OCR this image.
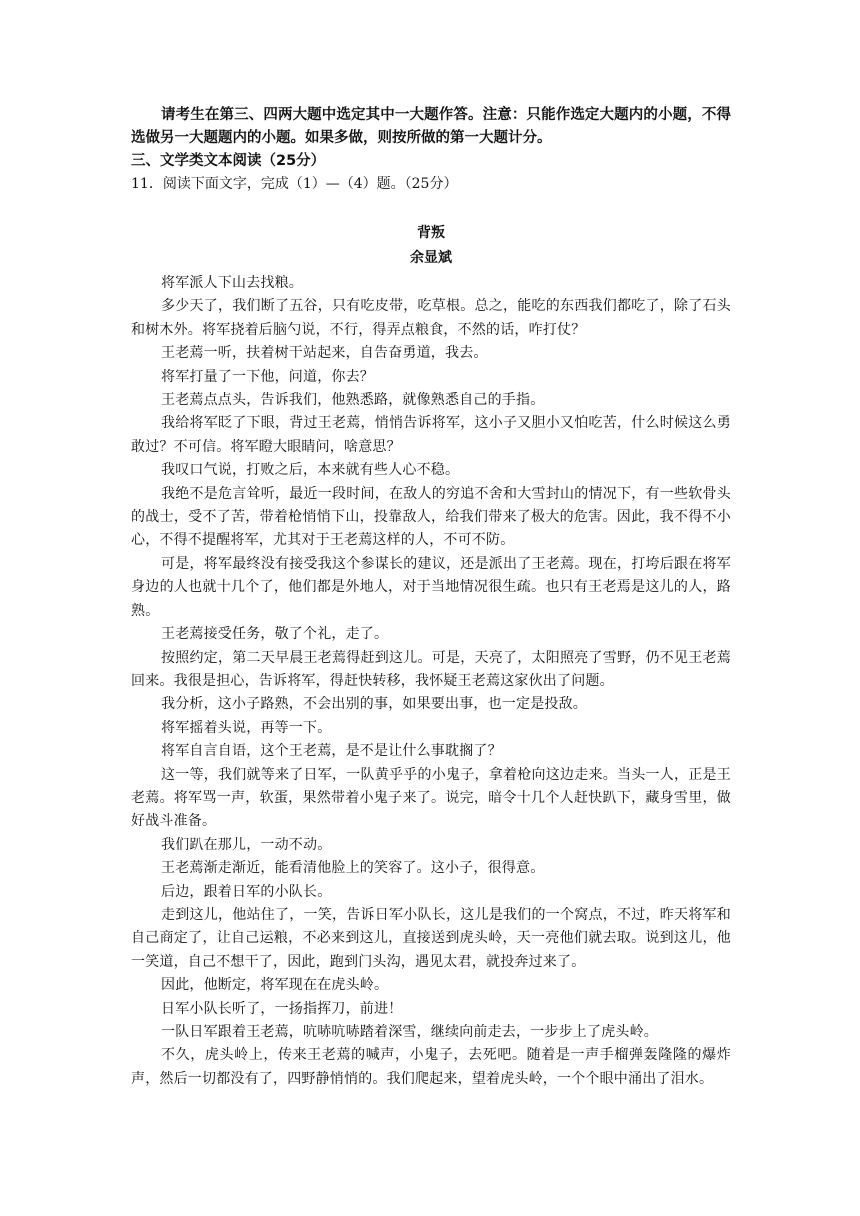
请考生在第三、四两大题中选定其中一大题作答。注意：只能作选定大题内的小题，不得选做另一大题题内的小题。如果多做，则按所做的第一大题计分。

三、文学类文本阅读（25分）

11．阅读下面文字，完成（1）—（4）题。（25分）

背叛
余显斌

将军派人下山去找粮。

多少天了，我们断了五谷，只有吃皮带，吃草根。总之，能吃的东西我们都吃了，除了石头和树木外。将军挠着后脑勺说，不行，得弄点粮食，不然的话，咋打仗？

王老蔫一听，扶着树干站起来，自告奋勇道，我去。

将军打量了一下他，问道，你去？

王老蔫点点头，告诉我们，他熟悉路，就像熟悉自己的手指。

我给将军眨了下眼，背过王老蔫，悄悄告诉将军，这小子又胆小又怕吃苦，什么时候这么勇敢过？不可信。将军瞪大眼睛问，啥意思？

我叹口气说，打败之后，本来就有些人心不稳。

我绝不是危言耸听，最近一段时间，在敌人的穷追不舍和大雪封山的情况下，有一些软骨头的战士，受不了苦，带着枪悄悄下山，投靠敌人，给我们带来了极大的危害。因此，我不得不小心，不得不提醒将军，尤其对于王老蔫这样的人，不可不防。

可是，将军最终没有接受我这个参谋长的建议，还是派出了王老蔫。现在，打垮后跟在将军身边的人也就十几个了，他们都是外地人，对于当地情况很生疏。也只有王老焉是这儿的人，路熟。

王老蔫接受任务，敬了个礼，走了。

按照约定，第二天早晨王老蔫得赶到这儿。可是，天亮了，太阳照亮了雪野，仍不见王老蔫回来。我很是担心，告诉将军，得赶快转移，我怀疑王老蔫这家伙出了问题。

我分析，这小子路熟，不会出别的事，如果要出事，也一定是投敌。

将军摇着头说，再等一下。

将军自言自语，这个王老蔫，是不是让什么事耽搁了？

这一等，我们就等来了日军，一队黄乎乎的小鬼子，拿着枪向这边走来。当头一人，正是王老蔫。将军骂一声，软蛋，果然带着小鬼子来了。说完，暗令十几个人赶快趴下，藏身雪里，做好战斗准备。

我们趴在那儿，一动不动。

王老蔫渐走渐近，能看清他脸上的笑容了。这小子，很得意。

后边，跟着日军的小队长。

走到这儿，他站住了，一笑，告诉日军小队长，这儿是我们的一个窝点，不过，昨天将军和自己商定了，让自己运粮，不必来到这儿，直接送到虎头岭，天一亮他们就去取。说到这儿，他一笑道，自己不想干了，因此，跑到门头沟，遇见太君，就投奔过来了。

因此，他断定，将军现在在虎头岭。

日军小队长听了，一扬指挥刀，前进！

一队日军跟着王老蔫，吭哧吭哧踏着深雪，继续向前走去，一步步上了虎头岭。

不久，虎头岭上，传来王老蔫的喊声，小鬼子，去死吧。随着是一声手榴弹轰隆隆的爆炸声，然后一切都没有了，四野静悄悄的。我们爬起来，望着虎头岭，一个个眼中涌出了泪水。
